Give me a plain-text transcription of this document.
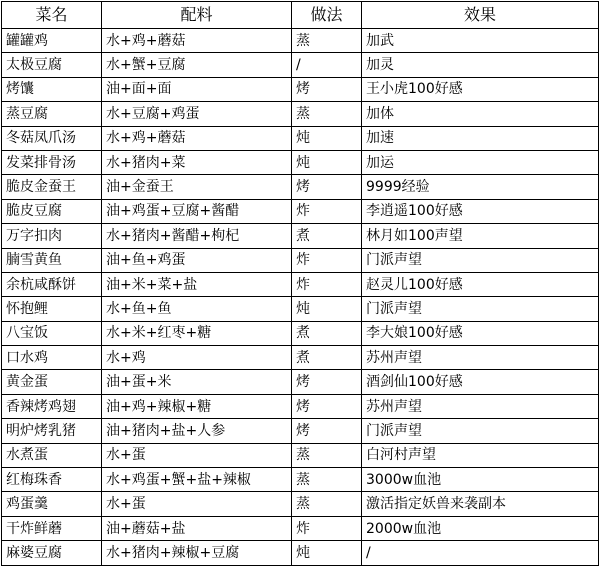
菜名	配料	做法	效果
罐罐鸡	水+鸡+蘑菇	蒸	加武
太极豆腐	水+蟹+豆腐	/	加灵
烤馕	油+面+面	烤	王小虎100好感
蒸豆腐	水+豆腐+鸡蛋	蒸	加体
冬菇凤爪汤	水+鸡+蘑菇	炖	加速
发菜排骨汤	水+猪肉+菜	炖	加运
脆皮金蚕王	油+金蚕王	烤	9999经验
脆皮豆腐	油+鸡蛋+豆腐+酱醋	炸	李逍遥100好感
万字扣肉	水+猪肉+酱醋+枸杞	煮	林月如100声望
腩雪黄鱼	油+鱼+鸡蛋	炸	门派声望
余杭咸酥饼	油+米+菜+盐	炸	赵灵儿100好感
怀抱鲤	水+鱼+鱼	炖	门派声望
八宝饭	水+米+红枣+糖	煮	李大娘100好感
口水鸡	水+鸡	煮	苏州声望
黄金蛋	油+蛋+米	烤	酒剑仙100好感
香辣烤鸡翅	油+鸡+辣椒+糖	烤	苏州声望
明炉烤乳猪	油+猪肉+盐+人参	烤	门派声望
水煮蛋	水+蛋	蒸	白河村声望
红梅珠香	水+鸡蛋+蟹+盐+辣椒	蒸	3000w血池
鸡蛋羹	水+蛋	蒸	激活指定妖兽来袭副本
干炸鲜蘑	油+蘑菇+盐	炸	2000w血池
麻婆豆腐	水+猪肉+辣椒+豆腐	炖	/
